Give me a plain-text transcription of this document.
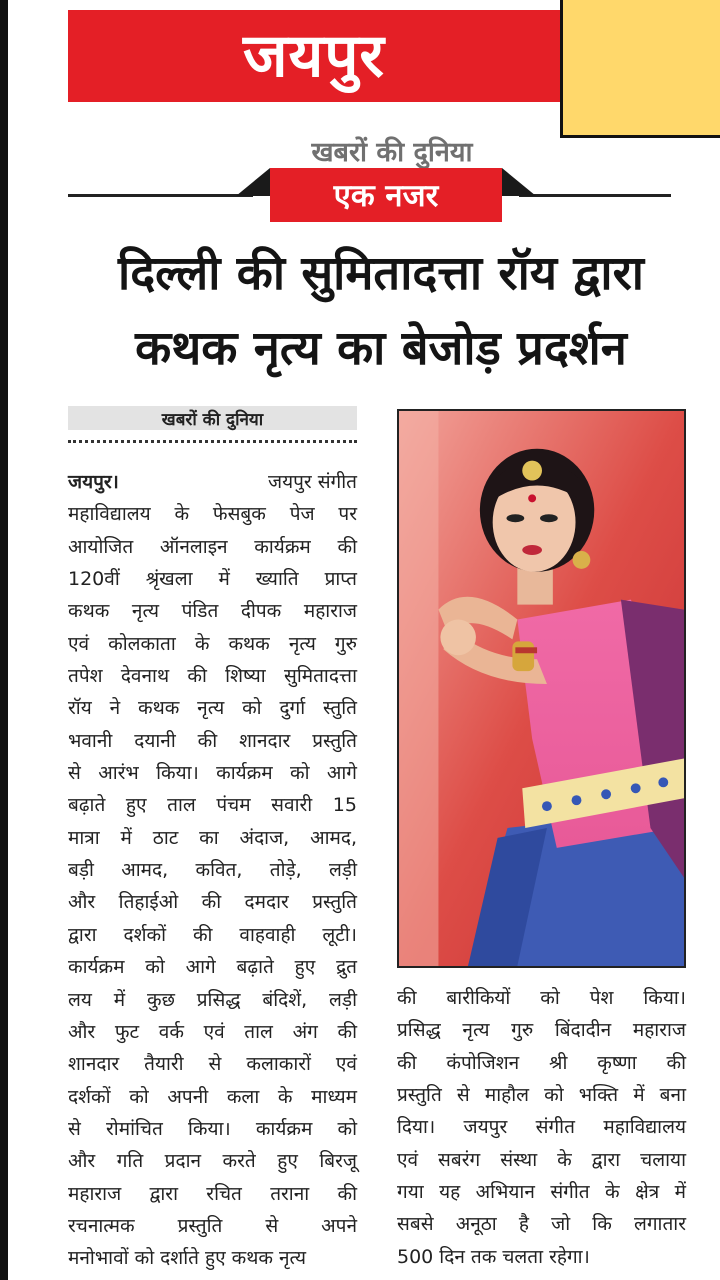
जयपुर
खबरों की दुनिया
एक नजर
दिल्ली की सुमितादत्ता रॉय द्वारा
कथक नृत्य का बेजोड़ प्रदर्शन
खबरों की दुनिया
जयपुर।	जयपुर संगीत
महाविद्यालय के फेसबुक पेज पर
आयोजित ऑनलाइन कार्यक्रम की
120वीं श्रृंखला में ख्याति प्राप्त
कथक नृत्य पंडित दीपक महाराज
एवं कोलकाता के कथक नृत्य गुरु
तपेश देवनाथ की शिष्या सुमितादत्ता
रॉय ने कथक नृत्य को दुर्गा स्तुति
भवानी दयानी की शानदार प्रस्तुति
से आरंभ किया। कार्यक्रम को आगे
बढ़ाते हुए ताल पंचम सवारी 15
मात्रा में ठाट का अंदाज, आमद,
बड़ी आमद, कवित, तोड़े, लड़ी
और तिहाईओ की दमदार प्रस्तुति
द्वारा दर्शकों की वाहवाही लूटी।
कार्यक्रम को आगे बढ़ाते हुए द्रुत
लय में कुछ प्रसिद्ध बंदिशें, लड़ी
और फुट वर्क एवं ताल अंग की
शानदार तैयारी से कलाकारों एवं
दर्शकों को अपनी कला के माध्यम
से रोमांचित किया। कार्यक्रम को
और गति प्रदान करते हुए बिरजू
महाराज द्वारा रचित तराना की
रचनात्मक प्रस्तुति से अपने
मनोभावों को दर्शाते हुए कथक नृत्य
की बारीकियों को पेश किया।
प्रसिद्ध नृत्य गुरु बिंदादीन महाराज
की कंपोजिशन श्री कृष्णा की
प्रस्तुति से माहौल को भक्ति में बना
दिया। जयपुर संगीत महाविद्यालय
एवं सबरंग संस्था के द्वारा चलाया
गया यह अभियान संगीत के क्षेत्र में
सबसे अनूठा है जो कि लगातार
500 दिन तक चलता रहेगा।
